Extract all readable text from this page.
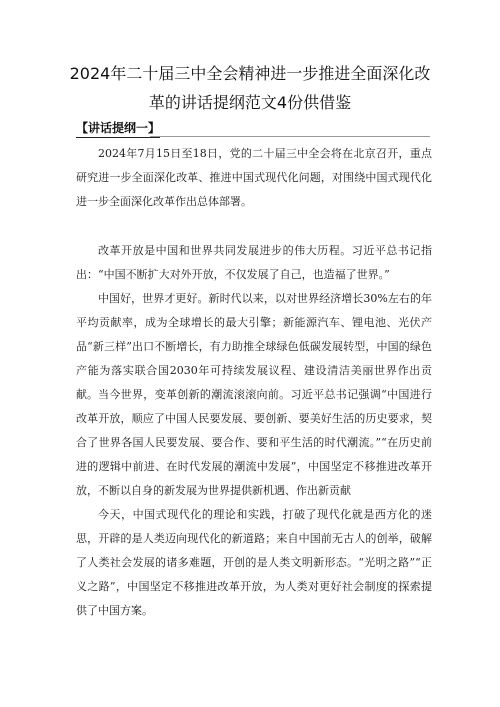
2024年二十届三中全会精神进一步推进全面深化改
革的讲话提纲范文4份供借鉴
【讲话提纲一】

2024年7月15日至18日，党的二十届三中全会将在北京召开，重点研究进一步全面深化改革、推进中国式现代化问题，对围绕中国式现代化进一步全面深化改革作出总体部署。

改革开放是中国和世界共同发展进步的伟大历程。习近平总书记指出：“中国不断扩大对外开放，不仅发展了自己，也造福了世界。”

中国好，世界才更好。新时代以来，以对世界经济增长30%左右的年平均贡献率，成为全球增长的最大引擎；新能源汽车、锂电池、光伏产品“新三样”出口不断增长，有力助推全球绿色低碳发展转型，中国的绿色产能为落实联合国2030年可持续发展议程、建设清洁美丽世界作出贡献。 当今世界，变革创新的潮流滚滚向前。习近平总书记强调“中国进行改革开放，顺应了中国人民要发展、要创新、要美好生活的历史要求，契合了世界各国人民要发展、要合作、要和平生活的时代潮流。”“在历史前进的逻辑中前进、在时代发展的潮流中发展”，中国坚定不移推进改革开放，不断以自身的新发展为世界提供新机遇、作出新贡献

今天，中国式现代化的理论和实践，打破了现代化就是西方化的迷思，开辟的是人类迈向现代化的新道路；来自中国前无古人的创举，破解了人类社会发展的诸多难题，开创的是人类文明新形态。“光明之路”“正义之路”，中国坚定不移推进改革开放，为人类对更好社会制度的探索提供了中国方案。
